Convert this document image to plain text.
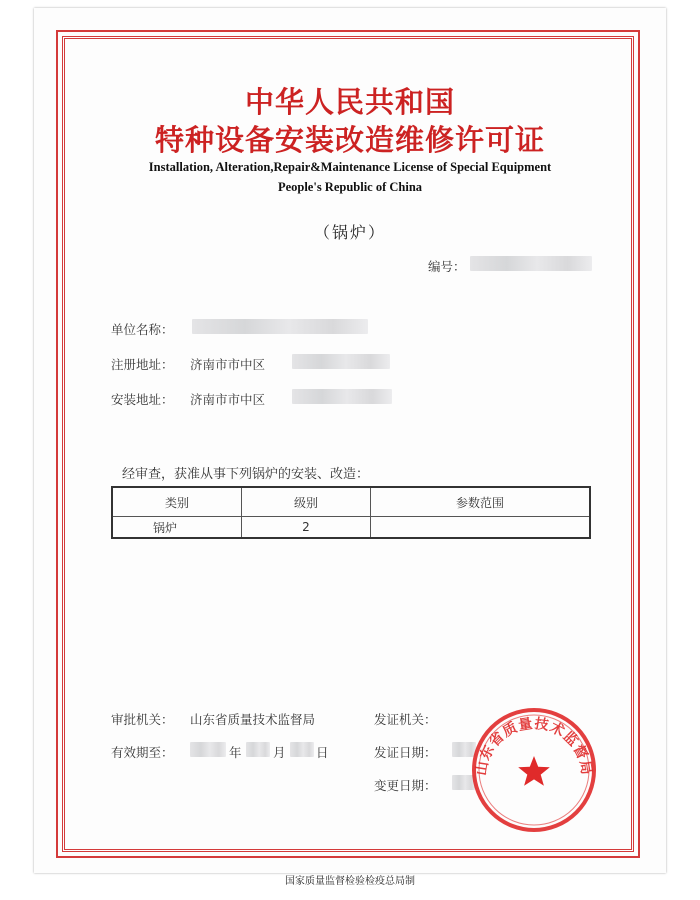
中华人民共和国
特种设备安装改造维修许可证
Installation, Alteration,Repair&Maintenance License of Special Equipment
People's Republic of China
（锅炉）
编号：
单位名称：
注册地址： 济南市市中区
安装地址： 济南市市中区
经审查，获准从事下列锅炉的安装、改造：
类别	级别	参数范围
锅炉	2	
审批机关： 山东省质量技术监督局	发证机关：
有效期至：	年	月 日	发证日期：
变更日期：
山东省质量技术监督局
国家质量监督检验检疫总局制
